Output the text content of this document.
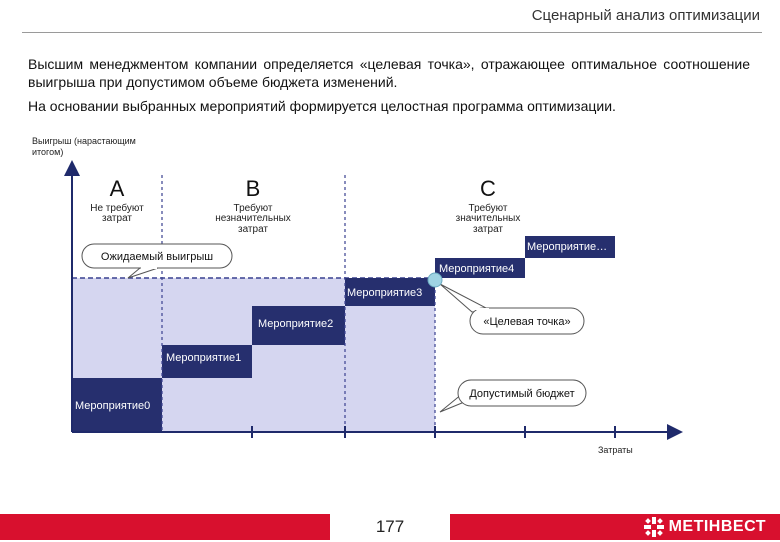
Сценарный анализ оптимизации
Высшим менеджментом компании определяется «целевая точка», отражающее оптимальное соотношение выигрыша при допустимом объеме бюджета изменений.
На основании выбранных мероприятий формируется целостная программа оптимизации.
Мероприятие0
Мероприятие1
Мероприятие2
Мероприятие3
Мероприятие4
Мероприятие…
Выигрыш (нарастающим
итогом)
Затраты
A
Не требуют
затрат
B
Требуют
незначительных
затрат
C
Требуют
значительных
затрат
Ожидаемый выигрыш
«Целевая точка»
Допустимый бюджет
177	МЕТІНВЕСТ
